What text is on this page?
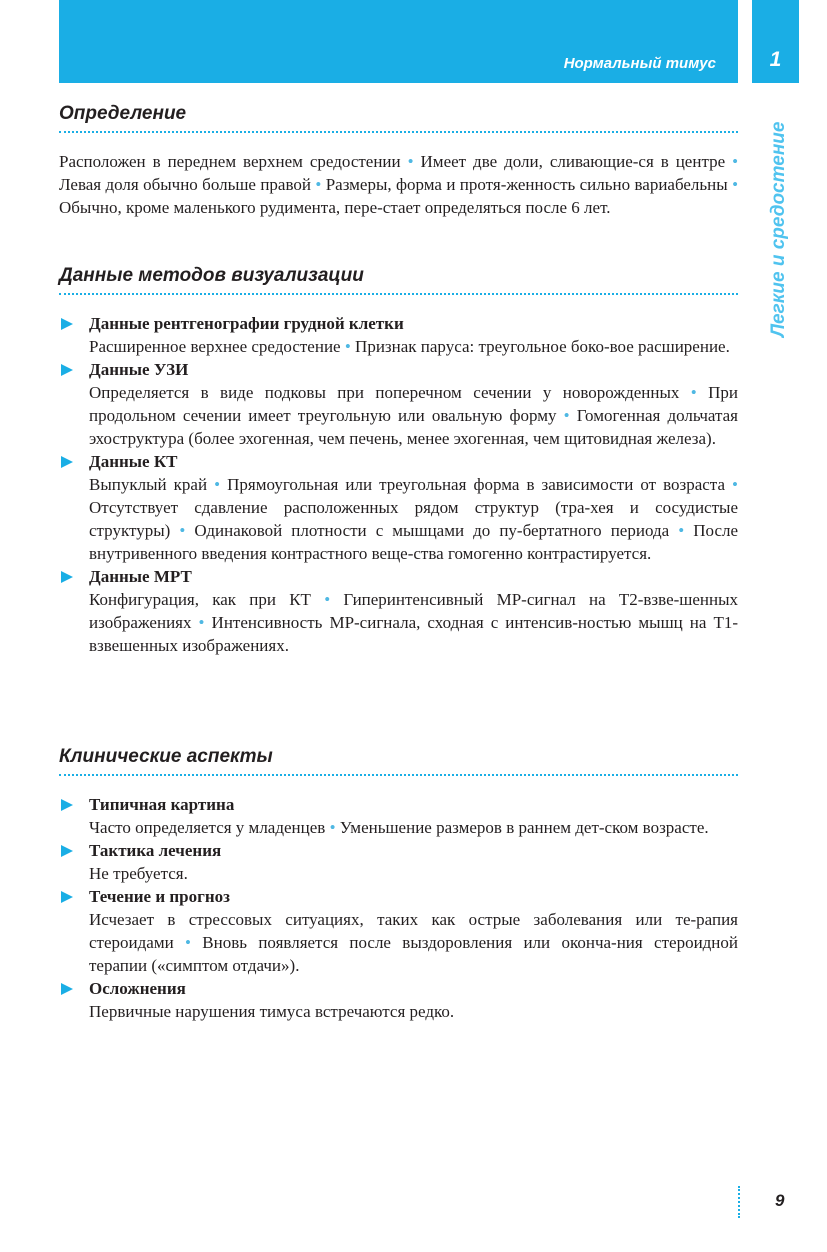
Нормальный тимус	1
Легкие и средостение
Определение

Расположен в переднем верхнем средостении • Имеет две доли, сливающие-ся в центре • Левая доля обычно больше правой • Размеры, форма и протя-женность сильно вариабельны • Обычно, кроме маленького рудимента, пере-стает определяться после 6 лет.

Данные методов визуализации
Данные рентгенографии грудной клетки
Расширенное верхнее средостение • Признак паруса: треугольное боко-вое расширение.
Данные УЗИ
Определяется в виде подковы при поперечном сечении у новорожденных • При продольном сечении имеет треугольную или овальную форму • Гомогенная дольчатая эхоструктура (более эхогенная, чем печень, менее эхогенная, чем щитовидная железа).
Данные КТ
Выпуклый край • Прямоугольная или треугольная форма в зависимости от возраста • Отсутствует сдавление расположенных рядом структур (тра-хея и сосудистые структуры) • Одинаковой плотности с мышцами до пу-бертатного периода • После внутривенного введения контрастного веще-ства гомогенно контрастируется.
Данные МРТ
Конфигурация, как при КТ • Гиперинтенсивный МР-сигнал на Т2-взве-шенных изображениях • Интенсивность МР-сигнала, сходная с интенсив-ностью мышц на Т1-взвешенных изображениях.
Клинические аспекты
Типичная картина
Часто определяется у младенцев • Уменьшение размеров в раннем дет-ском возрасте.
Тактика лечения
Не требуется.
Течение и прогноз
Исчезает в стрессовых ситуациях, таких как острые заболевания или те-рапия стероидами • Вновь появляется после выздоровления или оконча-ния стероидной терапии («симптом отдачи»).
Осложнения
Первичные нарушения тимуса встречаются редко.
9
